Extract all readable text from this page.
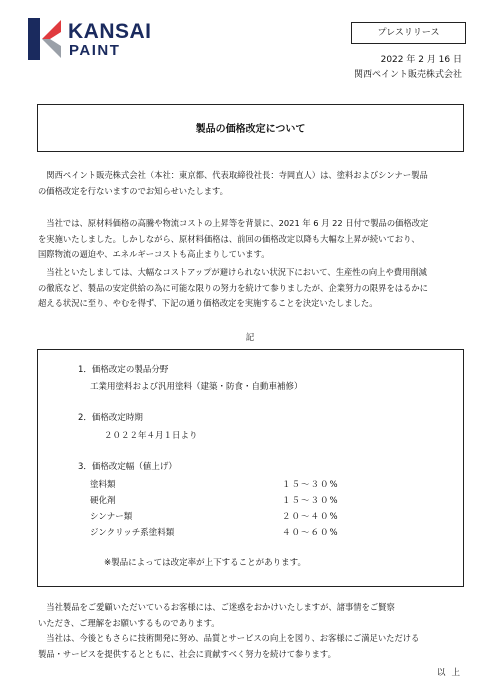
KANSAI
PAINT
プレスリリース
2022 年 2 月 16 日
関西ペイント販売株式会社
製品の価格改定について

　関西ペイント販売株式会社（本社：東京都、代表取締役社長：寺岡直人）は、塗料およびシンナー製品
の価格改定を行ないますのでお知らせいたします。

　当社では、原材料価格の高騰や物流コストの上昇等を背景に、2021 年 6 月 22 日付で製品の価格改定
を実施いたしました。しかしながら、原材料価格は、前回の価格改定以降も大幅な上昇が続いており、
国際物流の逼迫や、エネルギーコストも高止まりしています。

　当社といたしましては、大幅なコストアップが避けられない状況下において、生産性の向上や費用削減
の徹底など、製品の安定供給の為に可能な限りの努力を続けて参りましたが、企業努力の限界をはるかに
超える状況に至り、やむを得ず、下記の通り価格改定を実施することを決定いたしました。

記
1．価格改定の製品分野
工業用塗料および汎用塗料（建築・防食・自動車補修）
2．価格改定時期
２０２２年４月１日より
3．価格改定幅（値上げ）
塗料類	１５～３０%
硬化剤	１５～３０%
シンナー類	２０～４０%
ジンクリッチ系塗料類	４０～６０%
※製品によっては改定率が上下することがあります。

　当社製品をご愛顧いただいているお客様には、ご迷惑をおかけいたしますが、諸事情をご賢察
いただき、ご理解をお願いするものであります。
　当社は、今後ともさらに技術開発に努め、品質とサービスの向上を図り、お客様にご満足いただける
製品・サービスを提供するとともに、社会に貢献すべく努力を続けて参ります。

以上
